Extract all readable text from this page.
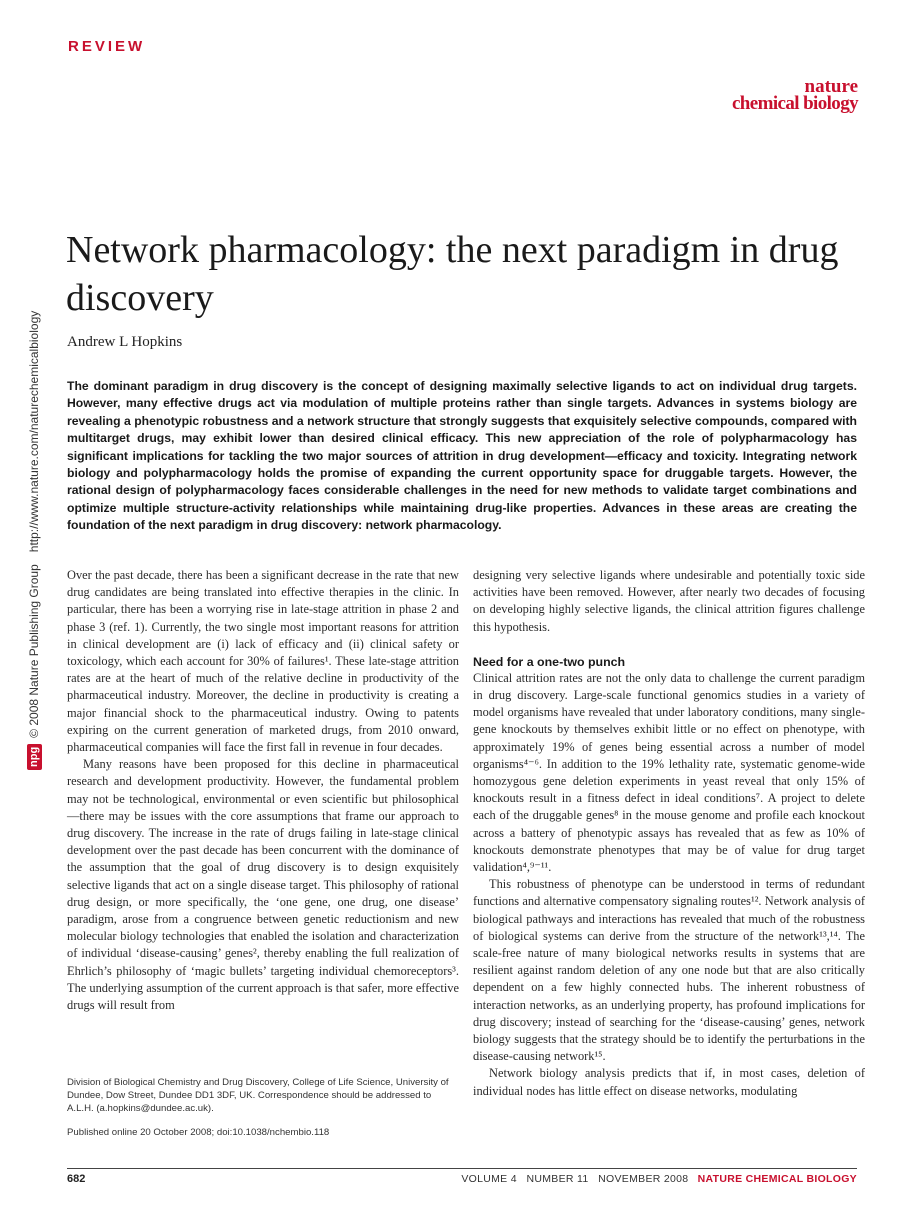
REVIEW
nature
chemical biology
npg
© 2008 Nature Publishing Group
http://www.nature.com/naturechemicalbiology
Network pharmacology: the next paradigm in drug discovery
Andrew L Hopkins

The dominant paradigm in drug discovery is the concept of designing maximally selective ligands to act on individual drug targets. However, many effective drugs act via modulation of multiple proteins rather than single targets. Advances in systems biology are revealing a phenotypic robustness and a network structure that strongly suggests that exquisitely selective compounds, compared with multitarget drugs, may exhibit lower than desired clinical efficacy. This new appreciation of the role of polypharmacology has significant implications for tackling the two major sources of attrition in drug development—efficacy and toxicity. Integrating network biology and polypharmacology holds the promise of expanding the current opportunity space for druggable targets. However, the rational design of polypharmacology faces considerable challenges in the need for new methods to validate target combinations and optimize multiple structure-activity relationships while maintaining drug-like properties. Advances in these areas are creating the foundation of the next paradigm in drug discovery: network pharmacology.

Over the past decade, there has been a significant decrease in the rate that new drug candidates are being translated into effective therapies in the clinic. In particular, there has been a worrying rise in late-stage attrition in phase 2 and phase 3 (ref. 1). Currently, the two single most important reasons for attrition in clinical development are (i) lack of efficacy and (ii) clinical safety or toxicology, which each account for 30% of failures¹. These late-stage attrition rates are at the heart of much of the relative decline in productivity of the pharmaceutical industry. Moreover, the decline in productivity is creating a major financial shock to the pharmaceutical industry. Owing to patents expiring on the current generation of marketed drugs, from 2010 onward, pharmaceutical companies will face the first fall in revenue in four decades.

Many reasons have been proposed for this decline in pharmaceutical research and development productivity. However, the fundamental problem may not be technological, environmental or even scientific but philosophical—there may be issues with the core assumptions that frame our approach to drug discovery. The increase in the rate of drugs failing in late-stage clinical development over the past decade has been concurrent with the dominance of the assumption that the goal of drug discovery is to design exquisitely selective ligands that act on a single disease target. This philosophy of rational drug design, or more specifically, the ‘one gene, one drug, one disease’ paradigm, arose from a congruence between genetic reductionism and new molecular biology technologies that enabled the isolation and characterization of individual ‘disease-causing’ genes², thereby enabling the full realization of Ehrlich’s philosophy of ‘magic bullets’ targeting individual chemoreceptors³. The underlying assumption of the current approach is that safer, more effective drugs will result from

Division of Biological Chemistry and Drug Discovery, College of Life Science, University of Dundee, Dow Street, Dundee DD1 3DF, UK. Correspondence should be addressed to A.L.H. (a.hopkins@dundee.ac.uk).

Published online 20 October 2008; doi:10.1038/nchembio.118

designing very selective ligands where undesirable and potentially toxic side activities have been removed. However, after nearly two decades of focusing on developing highly selective ligands, the clinical attrition figures challenge this hypothesis.

Need for a one-two punch

Clinical attrition rates are not the only data to challenge the current paradigm in drug discovery. Large-scale functional genomics studies in a variety of model organisms have revealed that under laboratory conditions, many single-gene knockouts by themselves exhibit little or no effect on phenotype, with approximately 19% of genes being essential across a number of model organisms⁴⁻⁶. In addition to the 19% lethality rate, systematic genome-wide homozygous gene deletion experiments in yeast reveal that only 15% of knockouts result in a fitness defect in ideal conditions⁷. A project to delete each of the druggable genes⁸ in the mouse genome and profile each knockout across a battery of phenotypic assays has revealed that as few as 10% of knockouts demonstrate phenotypes that may be of value for drug target validation⁴,⁹⁻¹¹.

This robustness of phenotype can be understood in terms of redundant functions and alternative compensatory signaling routes¹². Network analysis of biological pathways and interactions has revealed that much of the robustness of biological systems can derive from the structure of the network¹³,¹⁴. The scale-free nature of many biological networks results in systems that are resilient against random deletion of any one node but that are also critically dependent on a few highly connected hubs. The inherent robustness of interaction networks, as an underlying property, has profound implications for drug discovery; instead of searching for the ‘disease-causing’ genes, network biology suggests that the strategy should be to identify the perturbations in the disease-causing network¹⁵.

Network biology analysis predicts that if, in most cases, deletion of individual nodes has little effect on disease networks, modulating

682	VOLUME 4   NUMBER 11   NOVEMBER 2008 NATURE CHEMICAL BIOLOGY
